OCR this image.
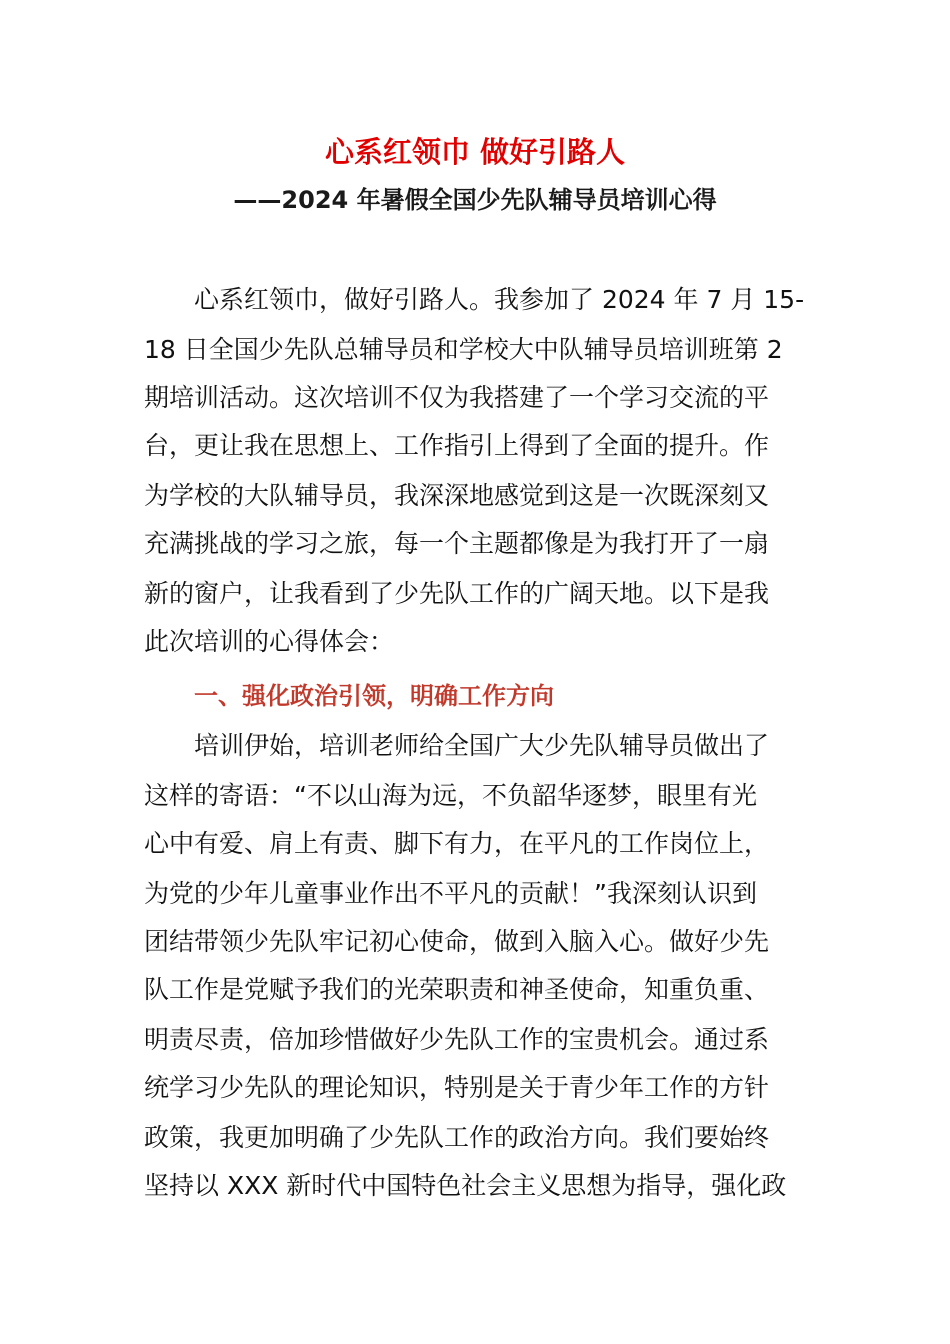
心系红领巾 做好引路人
——2024 年暑假全国少先队辅导员培训心得
心系红领巾，做好引路人。我参加了 2024 年 7 月 15-
18 日全国少先队总辅导员和学校大中队辅导员培训班第 2
期培训活动。这次培训不仅为我搭建了一个学习交流的平
台，更让我在思想上、工作指引上得到了全面的提升。作
为学校的大队辅导员，我深深地感觉到这是一次既深刻又
充满挑战的学习之旅，每一个主题都像是为我打开了一扇
新的窗户，让我看到了少先队工作的广阔天地。以下是我
此次培训的心得体会：
一、强化政治引领，明确工作方向
培训伊始，培训老师给全国广大少先队辅导员做出了
这样的寄语：“不以山海为远，不负韶华逐梦，眼里有光
心中有爱、肩上有责、脚下有力，在平凡的工作岗位上，
为党的少年儿童事业作出不平凡的贡献！”我深刻认识到
团结带领少先队牢记初心使命，做到入脑入心。做好少先
队工作是党赋予我们的光荣职责和神圣使命，知重负重、
明责尽责，倍加珍惜做好少先队工作的宝贵机会。通过系
统学习少先队的理论知识，特别是关于青少年工作的方针
政策，我更加明确了少先队工作的政治方向。我们要始终
坚持以 XXX 新时代中国特色社会主义思想为指导，强化政
